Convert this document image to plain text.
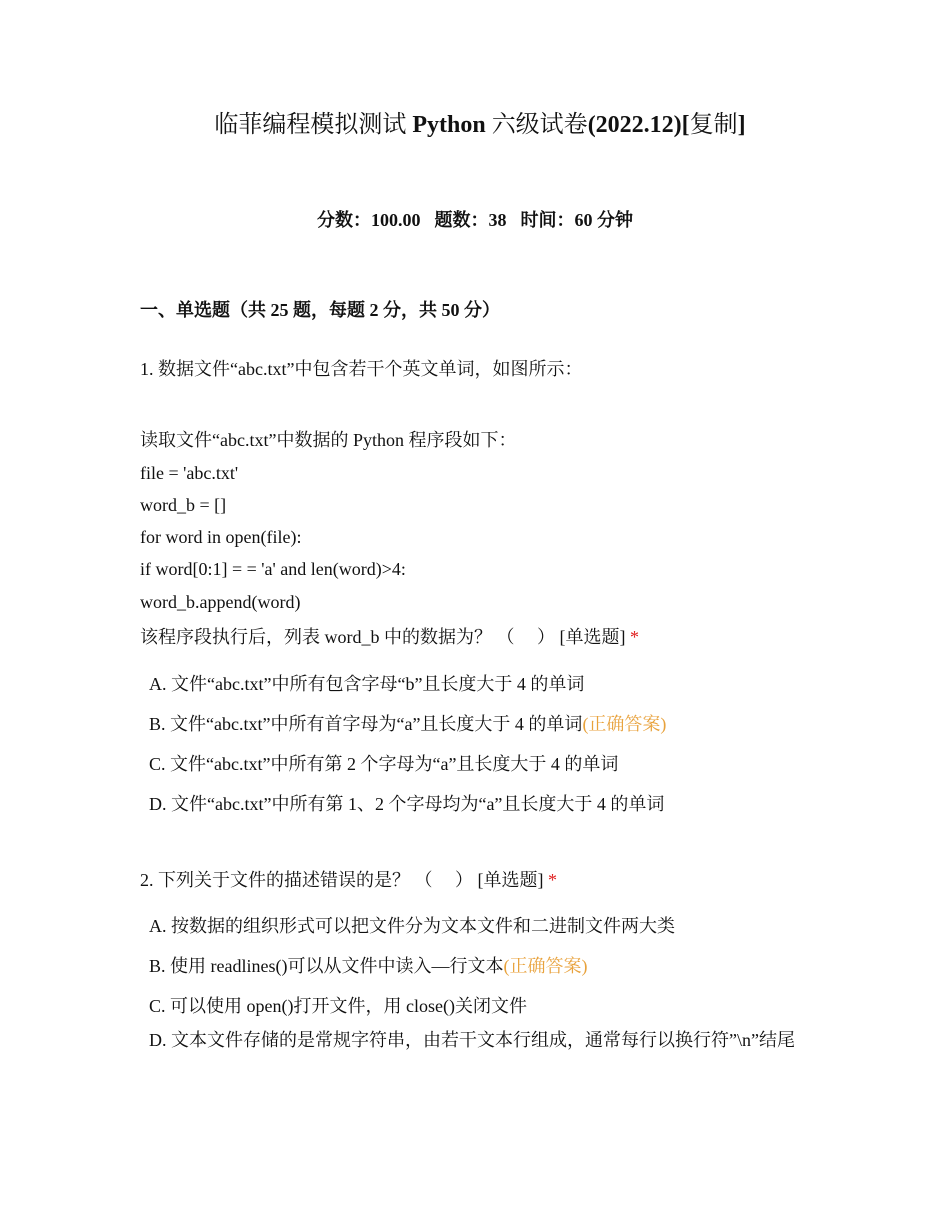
临菲编程模拟测试 Python 六级试卷(2022.12)[复制]
分数：100.00 题数：38 时间：60 分钟
一、单选题（共 25 题，每题 2 分，共 50 分）
1. 数据文件“abc.txt”中包含若干个英文单词，如图所示：
读取文件“abc.txt”中数据的 Python 程序段如下：
file = 'abc.txt'
word_b = []
for word in open(file):
if word[0:1] = = 'a' and len(word)>4:
word_b.append(word)
该程序段执行后，列表 word_b 中的数据为？ （　 ） [单选题] *
A. 文件“abc.txt”中所有包含字母“b”且长度大于 4 的单词
B. 文件“abc.txt”中所有首字母为“a”且长度大于 4 的单词(正确答案)
C. 文件“abc.txt”中所有第 2 个字母为“a”且长度大于 4 的单词
D. 文件“abc.txt”中所有第 1、2 个字母均为“a”且长度大于 4 的单词
2. 下列关于文件的描述错误的是？ （　 ） [单选题] *
A. 按数据的组织形式可以把文件分为文本文件和二进制文件两大类
B. 使用 readlines()可以从文件中读入—行文本(正确答案)
C. 可以使用 open()打开文件，用 close()关闭文件
D. 文本文件存储的是常规字符串，由若干文本行组成，通常每行以换行符”\n”结尾
